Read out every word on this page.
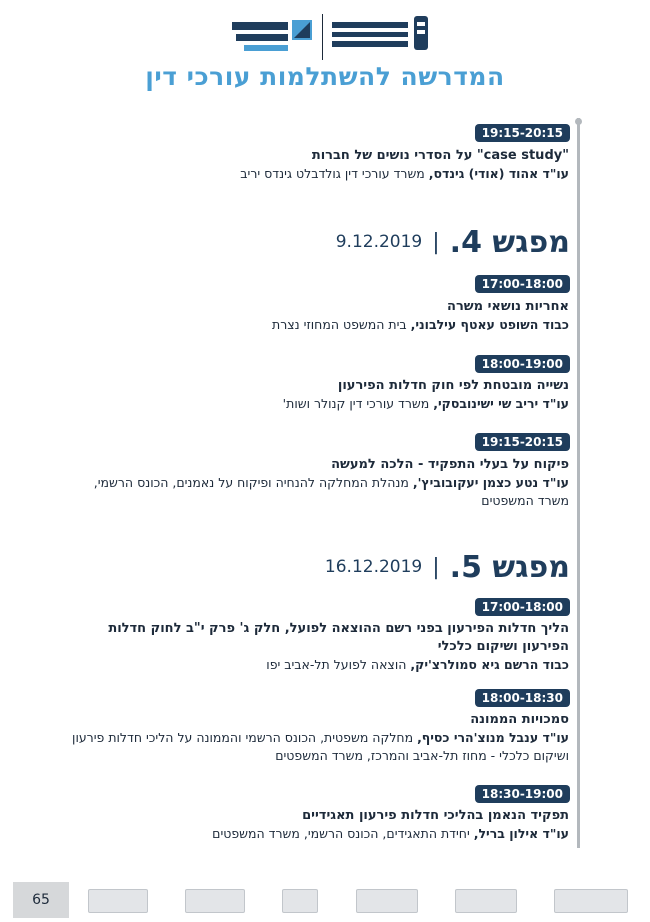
המדרשה להשתלמות עורכי דין
19:15-20:15
"case study" על הסדרי נושים של חברות
עו"ד אהוד (אודי) גינדס, משרד עורכי דין גולדבלט גינדס יריב
מפגש 4.
|
9.12.2019
17:00-18:00
אחריות נושאי משרה
כבוד השופט עאטף עילבוני, בית המשפט המחוזי נצרת
18:00-19:00
נשייה מובטחת לפי חוק חדלות הפירעון
עו"ד יריב שי ישינובסקי, משרד עורכי דין קנולר ושות'
19:15-20:15
פיקוח על בעלי התפקיד - הלכה למעשה
עו"ד נטע כצמן יעקובוביץ', מנהלת המחלקה להנחיה ופיקוח על נאמנים, הכונס הרשמי, משרד המשפטים
מפגש 5.
|
16.12.2019
17:00-18:00
הליך חדלות הפירעון בפני רשם ההוצאה לפועל, חלק ג' פרק י"ב לחוק חדלות הפירעון ושיקום כלכלי
כבוד הרשם גיא סמולרצ'יק, הוצאה לפועל תל-אביב יפו
18:00-18:30
סמכויות הממונה
עו"ד ענבל מנוצ'הרי כסיף, מחלקה משפטית, הכונס הרשמי והממונה על הליכי חדלות פירעון ושיקום כלכלי - מחוז תל-אביב והמרכז, משרד המשפטים
18:30-19:00
תפקיד הנאמן בהליכי חדלות פירעון תאגידיים
עו"ד אילון בריל, יחידת התאגידים, הכונס הרשמי, משרד המשפטים
65
